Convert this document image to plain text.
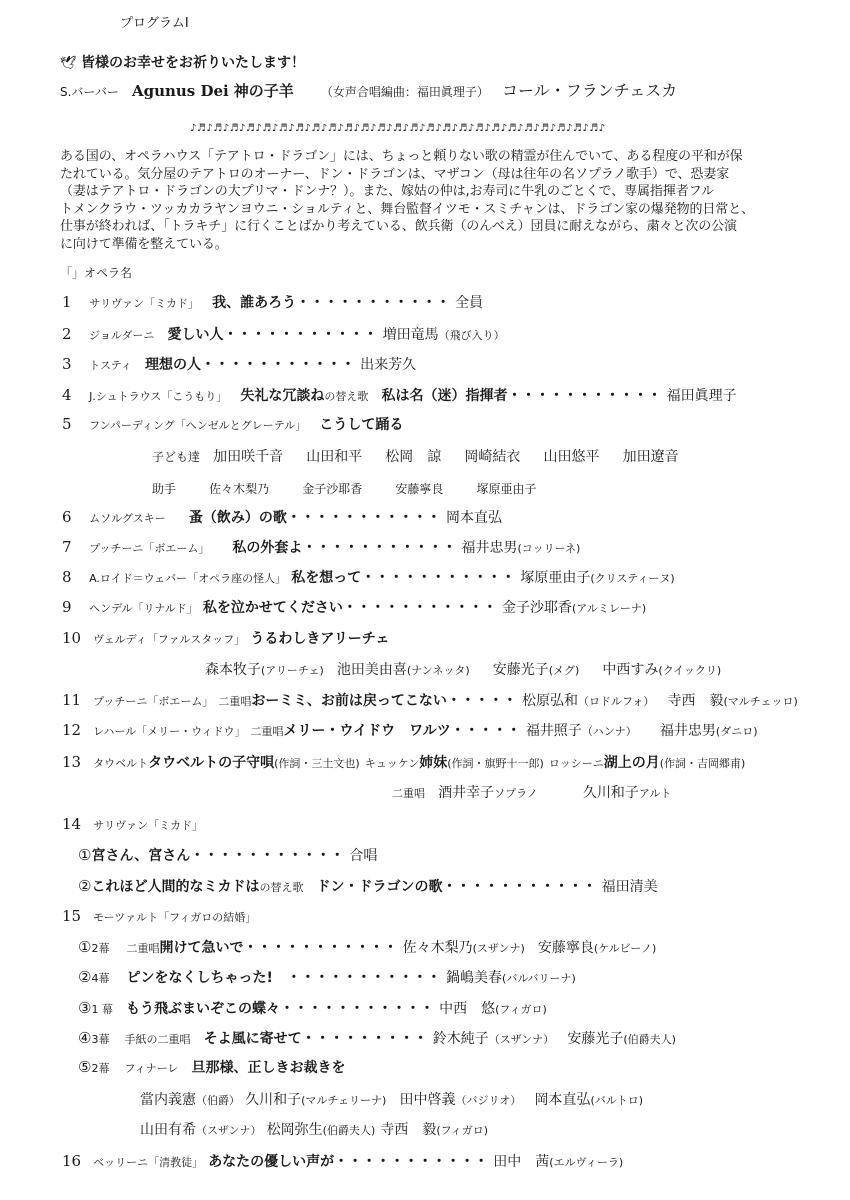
プログラムⅠ
🕊 皆様のお幸せをお祈りいたします！
S.バーバー Agunus Dei 神の子羊 （女声合唱編曲：福田眞理子） コール・フランチェスカ
♪♬♪♬♪♬♪♬♪♬♪♬♪♬♪♬♪♬♪♬♪♬♪♬♪♬♪♬♪♬♪♬♪♬♪♬♪♬♪♬♪♬♪♬♪♬♪♬♪♬♪
ある国の、オペラハウス「テアトロ・ドラゴン」には、ちょっと頼りない歌の精霊が住んでいて、ある程度の平和が保
たれている。気分屋のテアトロのオーナー、ドン・ドラゴンは、マザコン（母は往年の名ソプラノ歌手）で、恐妻家
（妻はテアトロ・ドラゴンの大プリマ・ドンナ？）。また、嫁姑の仲は,お寿司に牛乳のごとくで、専属指揮者フル
トメンクラウ・ツッカカラヤンヨウニ・ショルティと、舞台監督イツモ・スミチャンは、ドラゴン家の爆発物的日常と、
仕事が終われば、「トラキチ」に行くことばかり考えている、飲兵衛（のんべえ）団員に耐えながら、粛々と次の公演
に向けて準備を整えている。
「」オペラ名
1 サリヴァン「ミカド」 我、誰あろう・・・・・・・・・・・ 全員
2 ジョルダーニ 愛しい人・・・・・・・・・・・ 増田竜馬（飛び入り）
3 トスティ 理想の人・・・・・・・・・・・ 出来芳久
4 J.シュトラウス「こうもり」 失礼な冗談ねの替え歌 私は名（迷）指揮者・・・・・・・・・・・ 福田眞理子
5 フンパーディング「ヘンゼルとグレーテル」 こうして踊る
子ども達 加田咲千音 山田和平 松岡　諒 岡崎結衣 山田悠平 加田遼音
助手	佐々木梨乃	金子沙耶香	安藤寧良	塚原亜由子
6 ムソルグスキー 蚤（飲み）の歌・・・・・・・・・・・ 岡本直弘
7 プッチーニ「ボエーム」 私の外套よ・・・・・・・・・・・ 福井忠男(コッリーネ)
8 A.ロイド＝ウェバー「オペラ座の怪人」 私を想って・・・・・・・・・・・ 塚原亜由子(クリスティーヌ)
9 ヘンデル「リナルド」 私を泣かせてください・・・・・・・・・・・ 金子沙耶香(アルミレーナ)
10 ヴェルディ「ファルスタッフ」 うるわしきアリーチェ
森本牧子(アリーチェ) 池田美由喜(ナンネッタ) 安藤光子(メグ) 中西すみ(クイックリ)
11 プッチーニ「ボエーム」 二重唱おーミミ、お前は戻ってこない・・・・・ 松原弘和（ロドルフォ） 寺西　毅(マルチェッロ)
12 レハール「メリー・ウィドウ」 二重唱メリー・ウイドウ　ワルツ・・・・・ 福井照子（ハンナ） 福井忠男(ダニロ)
13 タウベルトタウベルトの子守唄(作詞・三土文也) キュッケン姉妹(作詞・旗野十一郎) ロッシーニ湖上の月(作詞・吉岡郷甫)
二重唱 酒井幸子ソプラノ	久川和子アルト
14 サリヴァン「ミカド」
①宮さん、宮さん・・・・・・・・・・・ 合唱
②これほど人間的なミカドはの替え歌 ドン・ドラゴンの歌・・・・・・・・・・・ 福田清美
15 モーツァルト「フィガロの結婚」
①2幕 二重唱開けて急いで・・・・・・・・・・・ 佐々木梨乃(スザンナ) 安藤寧良(ケルビーノ)
②4幕 ピンをなくしちゃった!　・・・・・・・・・・・ 鍋嶋美春(バルバリーナ)
③1 幕 もう飛ぶまいぞこの蝶々・・・・・・・・・・・ 中西　悠(フィガロ)
④3幕 手紙の二重唱 そよ風に寄せて・・・・・・・・・ 鈴木純子（スザンナ） 安藤光子(伯爵夫人)
⑤2幕 フィナーレ 旦那様、正しきお裁きを
當内義憲（伯爵） 久川和子(マルチェリーナ) 田中啓義（バジリオ） 岡本直弘(バルトロ)
山田有希（スザンナ） 松岡弥生(伯爵夫人) 寺西　毅(フィガロ)
16 ベッリーニ「清教徒」 あなたの優しい声が・・・・・・・・・・・ 田中　茜(エルヴィーラ)
